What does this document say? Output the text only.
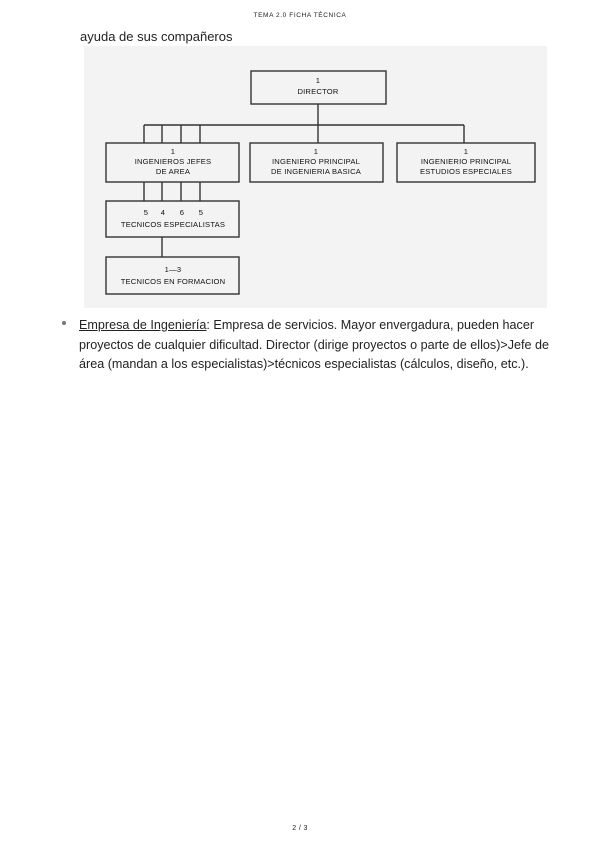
TEMA 2.0 FICHA TÉCNICA
ayuda de sus compañeros
1
DIRECTOR
1
INGENIEROS JEFES
DE AREA
1
INGENIERO PRINCIPAL
DE INGENIERIA BASICA
1
INGENIERIO PRINCIPAL
ESTUDIOS ESPECIALES
5 4 6 5
TECNICOS ESPECIALISTAS
1—3
TECNICOS EN FORMACION
Empresa de Ingeniería: Empresa de servicios. Mayor envergadura, pueden hacer proyectos de cualquier dificultad. Director (dirige proyectos o parte de ellos)>Jefe de área (mandan a los especialistas)>técnicos especialistas (cálculos, diseño, etc.).
2 / 3
